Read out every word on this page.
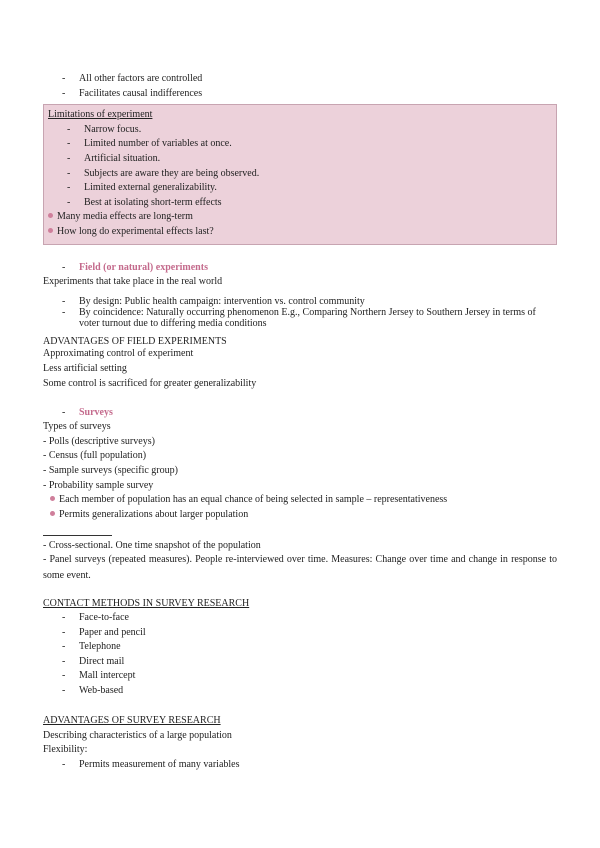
- All other factors are controlled
- Facilitates causal indifferences
Limitations of experiment
- Narrow focus.
- Limited number of variables at once.
- Artificial situation.
- Subjects are aware they are being observed.
- Limited external generalizability.
- Best at isolating short-term effects
Many media effects are long-term
How long do experimental effects last?
- Field (or natural) experiments
Experiments that take place in the real world
- By design: Public health campaign: intervention vs. control community
- By coincidence: Naturally occurring phenomenon E.g., Comparing Northern Jersey to Southern Jersey in terms of voter turnout due to differing media conditions
ADVANTAGES OF FIELD EXPERIMENTS
Approximating control of experiment
Less artificial setting
Some control is sacrificed for greater generalizability
- Surveys
Types of surveys
- Polls (descriptive surveys)
- Census (full population)
- Sample surveys (specific group)
- Probability sample survey
Each member of population has an equal chance of being selected in sample – representativeness
Permits generalizations about larger population
- Cross-sectional. One time snapshot of the population
- Panel surveys (repeated measures). People re-interviewed over time. Measures: Change over time and change in response to some event.
CONTACT METHODS IN SURVEY RESEARCH
- Face-to-face
- Paper and pencil
- Telephone
- Direct mail
- Mall intercept
- Web-based
ADVANTAGES OF SURVEY RESEARCH
Describing characteristics of a large population
Flexibility:
- Permits measurement of many variables
